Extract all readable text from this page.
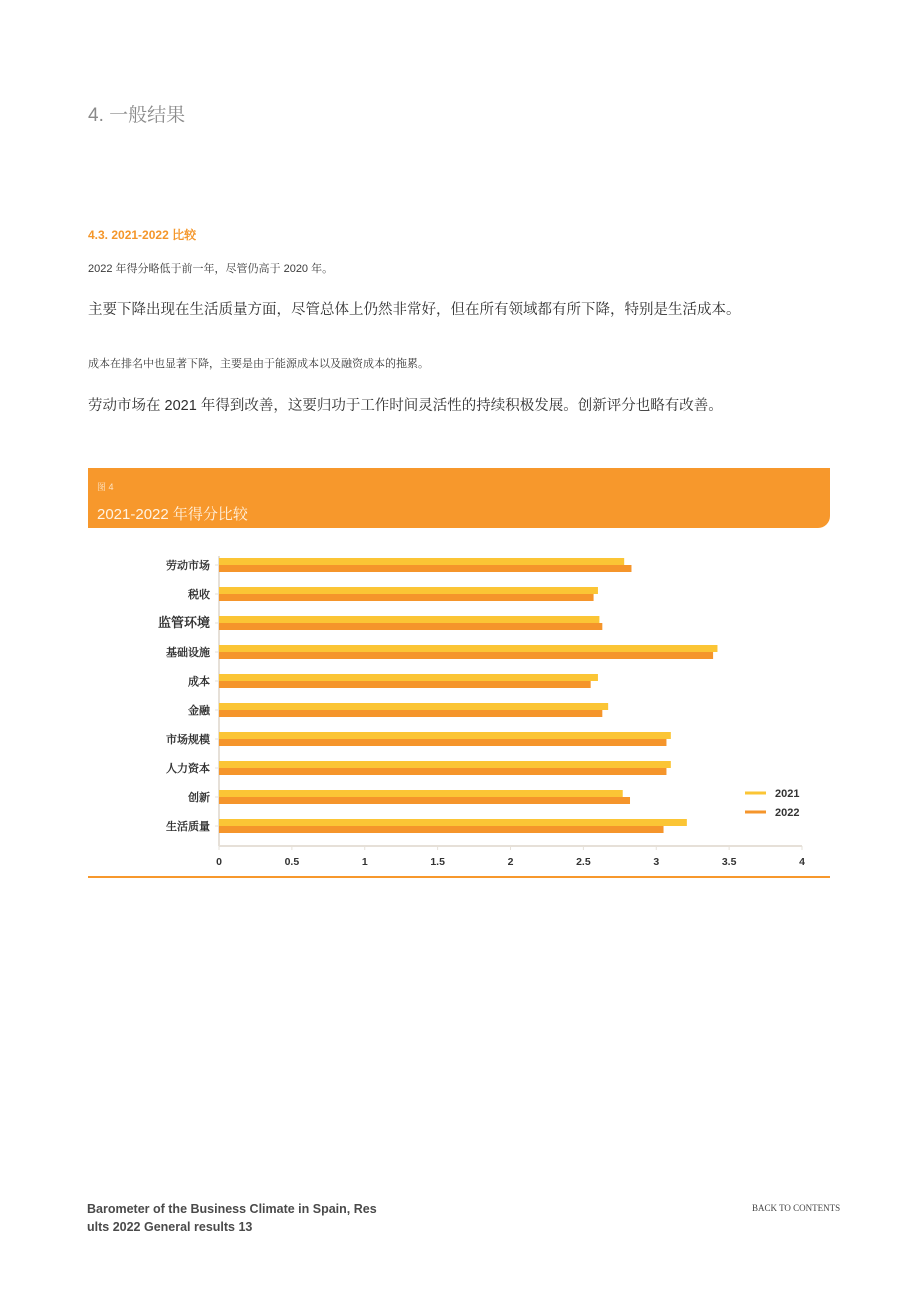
4. 一般结果
4.3. 2021-2022 比较

2022 年得分略低于前一年，尽管仍高于 2020 年。

主要下降出现在生活质量方面，尽管总体上仍然非常好，但在所有领域都有所下降，特别是生活成本。

成本在排名中也显著下降，主要是由于能源成本以及融资成本的拖累。

劳动市场在 2021 年得到改善，这要归功于工作时间灵活性的持续积极发展。创新评分也略有改善。

图 4
2021-2022 年得分比较
劳动市场
税收
监管环境
基础设施
成本
金融
市场规模
人力资本
创新
生活质量
0	0.5	1	1.5	2	2.5	3	3.5	4
2021
2022

Barometer of the Business Climate in Spain, Res ults 2022 General results 13

BACK TO CONTENTS
